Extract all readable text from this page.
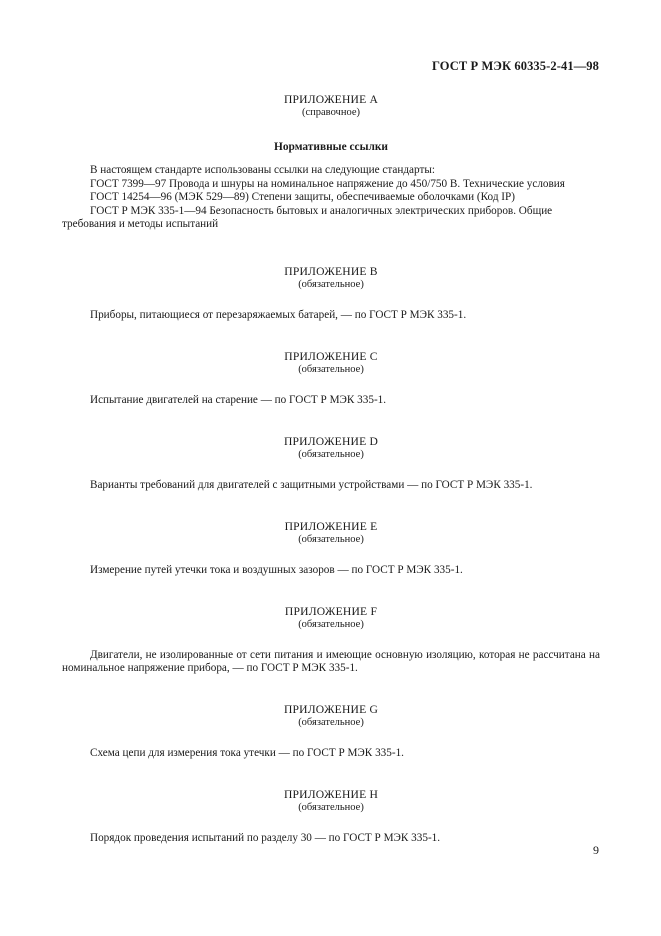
ГОСТ Р МЭК 60335-2-41—98
ПРИЛОЖЕНИЕ А
(справочное)
Нормативные ссылки
В настоящем стандарте использованы ссылки на следующие стандарты:
ГОСТ 7399—97 Провода и шнуры на номинальное напряжение до 450/750 В. Технические условия
ГОСТ 14254—96 (МЭК 529—89) Степени защиты, обеспечиваемые оболочками (Код IP)
ГОСТ Р МЭК 335-1—94 Безопасность бытовых и аналогичных электрических приборов. Общие требования и методы испытаний
ПРИЛОЖЕНИЕ В
(обязательное)
Приборы, питающиеся от перезаряжаемых батарей, — по ГОСТ Р МЭК 335-1.
ПРИЛОЖЕНИЕ С
(обязательное)
Испытание двигателей на старение — по ГОСТ Р МЭК 335-1.
ПРИЛОЖЕНИЕ D
(обязательное)
Варианты требований для двигателей с защитными устройствами — по ГОСТ Р МЭК 335-1.
ПРИЛОЖЕНИЕ E
(обязательное)
Измерение путей утечки тока и воздушных зазоров — по ГОСТ Р МЭК 335-1.
ПРИЛОЖЕНИЕ F
(обязательное)
Двигатели, не изолированные от сети питания и имеющие основную изоляцию, которая не рассчитана на номинальное напряжение прибора, — по ГОСТ Р МЭК 335-1.
ПРИЛОЖЕНИЕ G
(обязательное)
Схема цепи для измерения тока утечки — по ГОСТ Р МЭК 335-1.
ПРИЛОЖЕНИЕ H
(обязательное)
Порядок проведения испытаний по разделу 30 — по ГОСТ Р МЭК 335-1.
9
